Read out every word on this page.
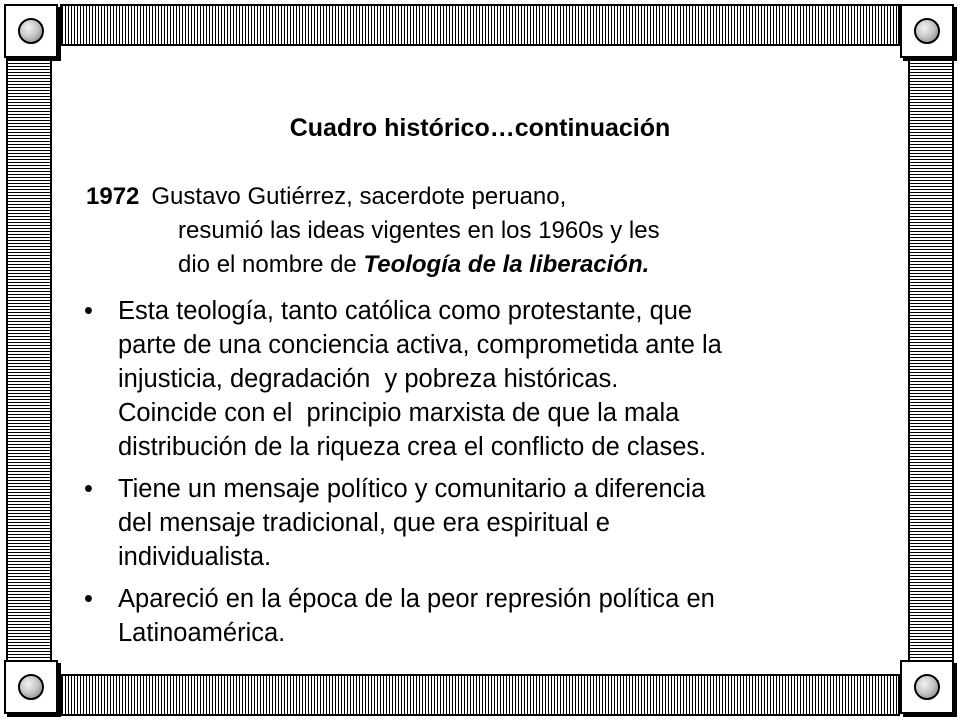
Cuadro histórico…continuación
1972 Gustavo Gutiérrez, sacerdote peruano,
resumió las ideas vigentes en los 1960s y les
dio el nombre de Teología de la liberación.
• Esta teología, tanto católica como protestante, que
parte de una conciencia activa, comprometida ante la
injusticia, degradación  y pobreza históricas.
Coincide con el  principio marxista de que la mala
distribución de la riqueza crea el conflicto de clases.
• Tiene un mensaje político y comunitario a diferencia
del mensaje tradicional, que era espiritual e
individualista.
• Apareció en la época de la peor represión política en
Latinoamérica.
